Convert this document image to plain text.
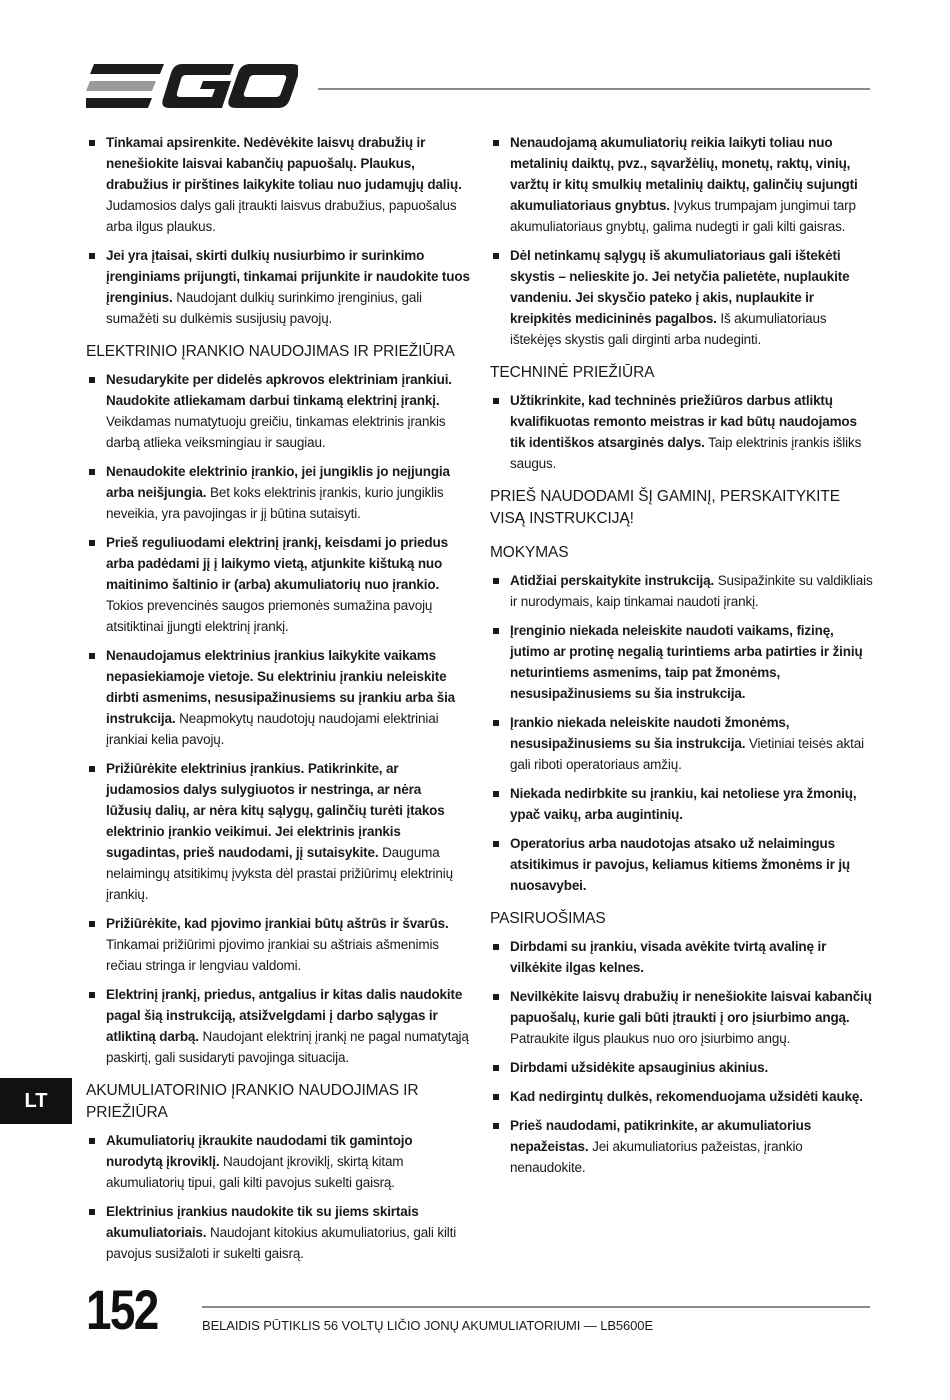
Tinkamai apsirenkite. Nedėvėkite laisvų drabužių ir nenešiokite laisvai kabančių papuošalų. Plaukus, drabužius ir pirštines laikykite toliau nuo judamųjų dalių. Judamosios dalys gali įtraukti laisvus drabužius, papuošalus arba ilgus plaukus.
Jei yra įtaisai, skirti dulkių nusiurbimo ir surinkimo įrenginiams prijungti, tinkamai prijunkite ir naudokite tuos įrenginius. Naudojant dulkių surinkimo įrenginius, gali sumažėti su dulkėmis susijusių pavojų.
ELEKTRINIO ĮRANKIO NAUDOJIMAS IR PRIEŽIŪRA
Nesudarykite per didelės apkrovos elektriniam įrankiui. Naudokite atliekamam darbui tinkamą elektrinį įrankį. Veikdamas numatytuoju greičiu, tinkamas elektrinis įrankis darbą atlieka veiksmingiau ir saugiau.
Nenaudokite elektrinio įrankio, jei jungiklis jo neįjungia arba neišjungia. Bet koks elektrinis įrankis, kurio jungiklis neveikia, yra pavojingas ir jį būtina sutaisyti.
Prieš reguliuodami elektrinį įrankį, keisdami jo priedus arba padėdami jį į laikymo vietą, atjunkite kištuką nuo maitinimo šaltinio ir (arba) akumuliatorių nuo įrankio. Tokios prevencinės saugos priemonės sumažina pavojų atsitiktinai įjungti elektrinį įrankį.
Nenaudojamus elektrinius įrankius laikykite vaikams nepasiekiamoje vietoje. Su elektriniu įrankiu neleiskite dirbti asmenims, nesusipažinusiems su įrankiu arba šia instrukcija. Neapmokytų naudotojų naudojami elektriniai įrankiai kelia pavojų.
Prižiūrėkite elektrinius įrankius. Patikrinkite, ar judamosios dalys sulygiuotos ir nestringa, ar nėra lūžusių dalių, ar nėra kitų sąlygų, galinčių turėti įtakos elektrinio įrankio veikimui. Jei elektrinis įrankis sugadintas, prieš naudodami, jį sutaisykite. Dauguma nelaimingų atsitikimų įvyksta dėl prastai prižiūrimų elektrinių įrankių.
Prižiūrėkite, kad pjovimo įrankiai būtų aštrūs ir švarūs. Tinkamai prižiūrimi pjovimo įrankiai su aštriais ašmenimis rečiau stringa ir lengviau valdomi.
Elektrinį įrankį, priedus, antgalius ir kitas dalis naudokite pagal šią instrukciją, atsižvelgdami į darbo sąlygas ir atliktiną darbą. Naudojant elektrinį įrankį ne pagal numatytąją paskirtį, gali susidaryti pavojinga situacija.
AKUMULIATORINIO ĮRANKIO NAUDOJIMAS IR PRIEŽIŪRA
Akumuliatorių įkraukite naudodami tik gamintojo nurodytą įkroviklį. Naudojant įkroviklį, skirtą kitam akumuliatorių tipui, gali kilti pavojus sukelti gaisrą.
Elektrinius įrankius naudokite tik su jiems skirtais akumuliatoriais. Naudojant kitokius akumuliatorius, gali kilti pavojus susižaloti ir sukelti gaisrą.
Nenaudojamą akumuliatorių reikia laikyti toliau nuo metalinių daiktų, pvz., sąvaržėlių, monetų, raktų, vinių, varžtų ir kitų smulkių metalinių daiktų, galinčių sujungti akumuliatoriaus gnybtus. Įvykus trumpajam jungimui tarp akumuliatoriaus gnybtų, galima nudegti ir gali kilti gaisras.
Dėl netinkamų sąlygų iš akumuliatoriaus gali ištekėti skystis – nelieskite jo. Jei netyčia palietėte, nuplaukite vandeniu. Jei skysčio pateko į akis, nuplaukite ir kreipkitės medicininės pagalbos. Iš akumuliatoriaus ištekėjęs skystis gali dirginti arba nudeginti.
TECHNINĖ PRIEŽIŪRA
Užtikrinkite, kad techninės priežiūros darbus atliktų kvalifikuotas remonto meistras ir kad būtų naudojamos tik identiškos atsarginės dalys. Taip elektrinis įrankis išliks saugus.
PRIEŠ NAUDODAMI ŠĮ GAMINĮ, PERSKAITYKITE VISĄ INSTRUKCIJĄ!
MOKYMAS
Atidžiai perskaitykite instrukciją. Susipažinkite su valdikliais ir nurodymais, kaip tinkamai naudoti įrankį.
Įrenginio niekada neleiskite naudoti vaikams, fizinę, jutimo ar protinę negalią turintiems arba patirties ir žinių neturintiems asmenims, taip pat žmonėms, nesusipažinusiems su šia instrukcija.
Įrankio niekada neleiskite naudoti žmonėms, nesusipažinusiems su šia instrukcija. Vietiniai teisės aktai gali riboti operatoriaus amžių.
Niekada nedirbkite su įrankiu, kai netoliese yra žmonių, ypač vaikų, arba augintinių.
Operatorius arba naudotojas atsako už nelaimingus atsitikimus ir pavojus, keliamus kitiems žmonėms ir jų nuosavybei.
PASIRUOŠIMAS
Dirbdami su įrankiu, visada avėkite tvirtą avalinę ir vilkėkite ilgas kelnes.
Nevilkėkite laisvų drabužių ir nenešiokite laisvai kabančių papuošalų, kurie gali būti įtraukti į oro įsiurbimo angą. Patraukite ilgus plaukus nuo oro įsiurbimo angų.
Dirbdami užsidėkite apsauginius akinius.
Kad nedirgintų dulkės, rekomenduojama užsidėti kaukę.
Prieš naudodami, patikrinkite, ar akumuliatorius nepažeistas. Jei akumuliatorius pažeistas, įrankio nenaudokite.
LT
152	BELAIDIS PŪTIKLIS 56 VOLTŲ LIČIO JONŲ AKUMULIATORIUMI — LB5600E
